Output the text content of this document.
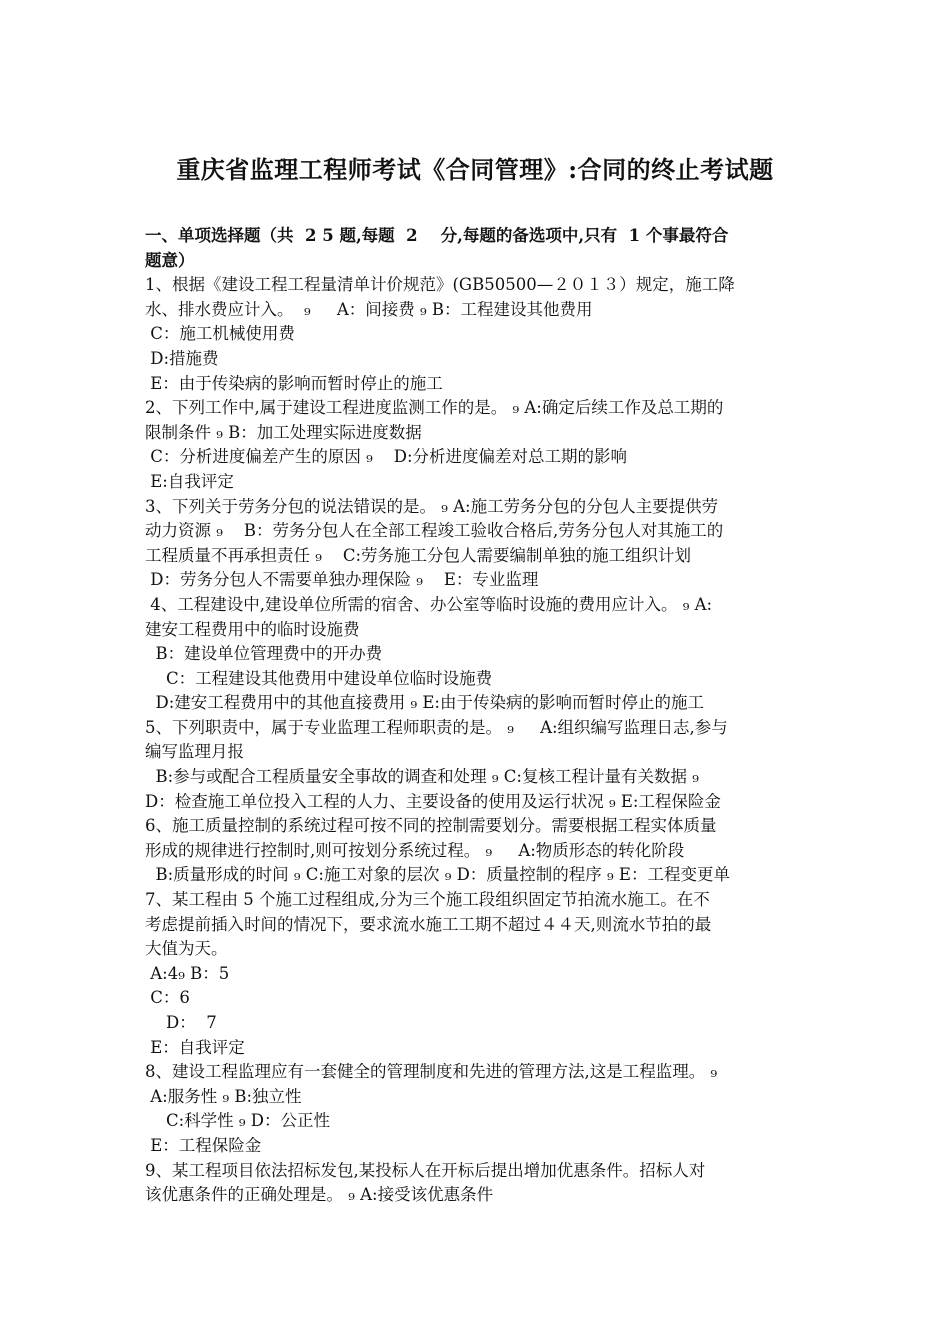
重庆省监理工程师考试《合同管理》:合同的终止考试题
一、单项选择题（共  2 5 题,每题  2    分,每题的备选项中,只有  1 个事最符合
题意）
1、根据《建设工程工程量清单计价规范》(GB50500—２０１３）规定，施工降
水、排水费应计入。  ₉     A：间接费 ₉ B：工程建设其他费用
C：施工机械使用费
D:措施费
E：由于传染病的影响而暂时停止的施工
2、下列工作中,属于建设工程进度监测工作的是。 ₉ A:确定后续工作及总工期的
限制条件 ₉ B：加工处理实际进度数据
C：分析进度偏差产生的原因 ₉    D:分析进度偏差对总工期的影响
E:自我评定
3、下列关于劳务分包的说法错误的是。 ₉ A:施工劳务分包的分包人主要提供劳
动力资源 ₉    B：劳务分包人在全部工程竣工验收合格后,劳务分包人对其施工的
工程质量不再承担责任 ₉    C:劳务施工分包人需要编制单独的施工组织计划
D：劳务分包人不需要单独办理保险 ₉    E：专业监理
4、工程建设中,建设单位所需的宿舍、办公室等临时设施的费用应计入。 ₉ A:
建安工程费用中的临时设施费
B：建设单位管理费中的开办费
C：工程建设其他费用中建设单位临时设施费
D:建安工程费用中的其他直接费用 ₉ E:由于传染病的影响而暂时停止的施工
5、下列职责中，属于专业监理工程师职责的是。 ₉     A:组织编写监理日志,参与
编写监理月报
B:参与或配合工程质量安全事故的调查和处理 ₉ C:复核工程计量有关数据 ₉
D：检查施工单位投入工程的人力、主要设备的使用及运行状况 ₉ E:工程保险金
6、施工质量控制的系统过程可按不同的控制需要划分。需要根据工程实体质量
形成的规律进行控制时,则可按划分系统过程。 ₉     A:物质形态的转化阶段
B:质量形成的时间 ₉ C:施工对象的层次 ₉ D：质量控制的程序 ₉ E：工程变更单
7、某工程由 5 个施工过程组成,分为三个施工段组织固定节拍流水施工。在不
考虑提前插入时间的情况下，要求流水施工工期不超过４４天,则流水节拍的最
大值为天。
A:4₉ B：5
C：6
D：  7
E：自我评定
8、建设工程监理应有一套健全的管理制度和先进的管理方法,这是工程监理。 ₉
A:服务性 ₉ B:独立性
C:科学性 ₉ D：公正性
E：工程保险金
9、某工程项目依法招标发包,某投标人在开标后提出增加优惠条件。招标人对
该优惠条件的正确处理是。 ₉ A:接受该优惠条件
